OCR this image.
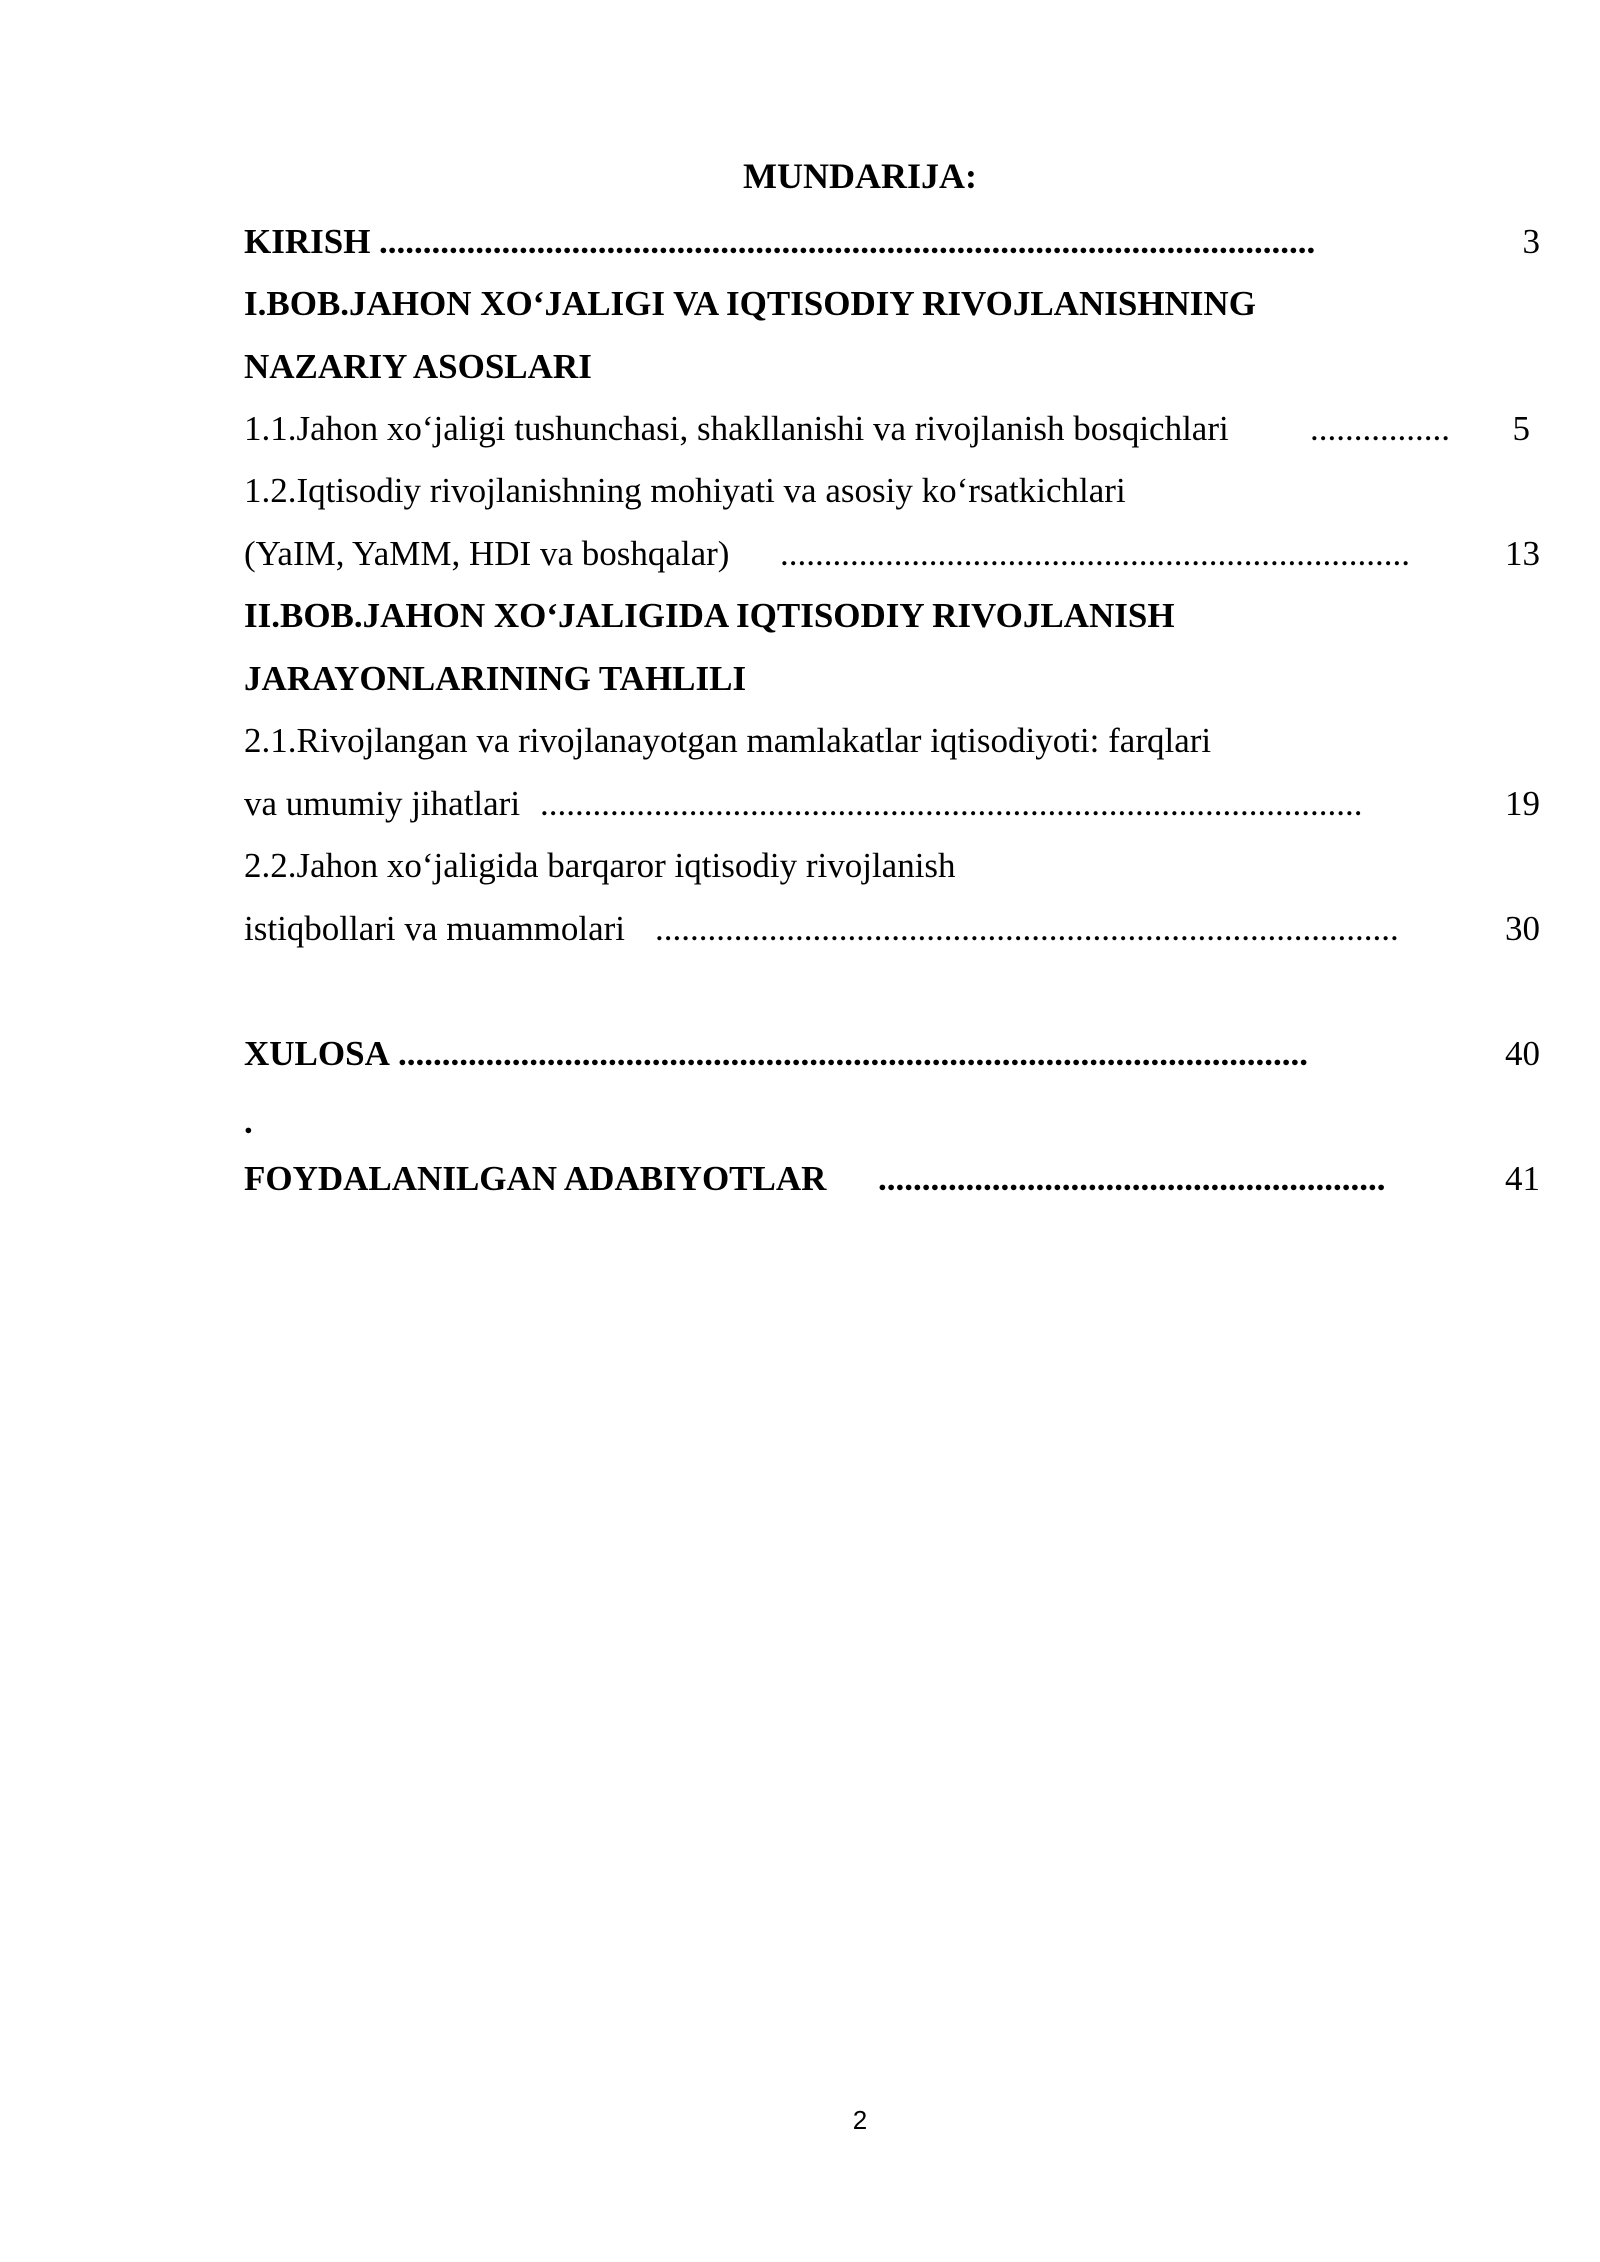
MUNDARIJA:
KIRISH ...........................................................................................................	3
I.BOB.JAHON XO‘JALIGI VA IQTISODIY RIVOJLANISHNING
NAZARIY ASOSLARI
1.1.Jahon xo‘jaligi tushunchasi, shakllanishi va rivojlanish bosqichlari ................	5
1.2.Iqtisodiy rivojlanishning mohiyati va asosiy ko‘rsatkichlari
(YaIM, YaMM, HDI va boshqalar) ........................................................................	13
II.BOB.JAHON XO‘JALIGIDA IQTISODIY RIVOJLANISH
JARAYONLARINING TAHLILI
2.1.Rivojlangan va rivojlanayotgan mamlakatlar iqtisodiyoti: farqlari
va umumiy jihatlari ..............................................................................................	19
2.2.Jahon xo‘jaligida barqaror iqtisodiy rivojlanish
istiqbollari va muammolari .....................................................................................	30
XULOSA ........................................................................................................	40
FOYDALANILGAN ADABIYOTLAR ..........................................................	41
.
2
